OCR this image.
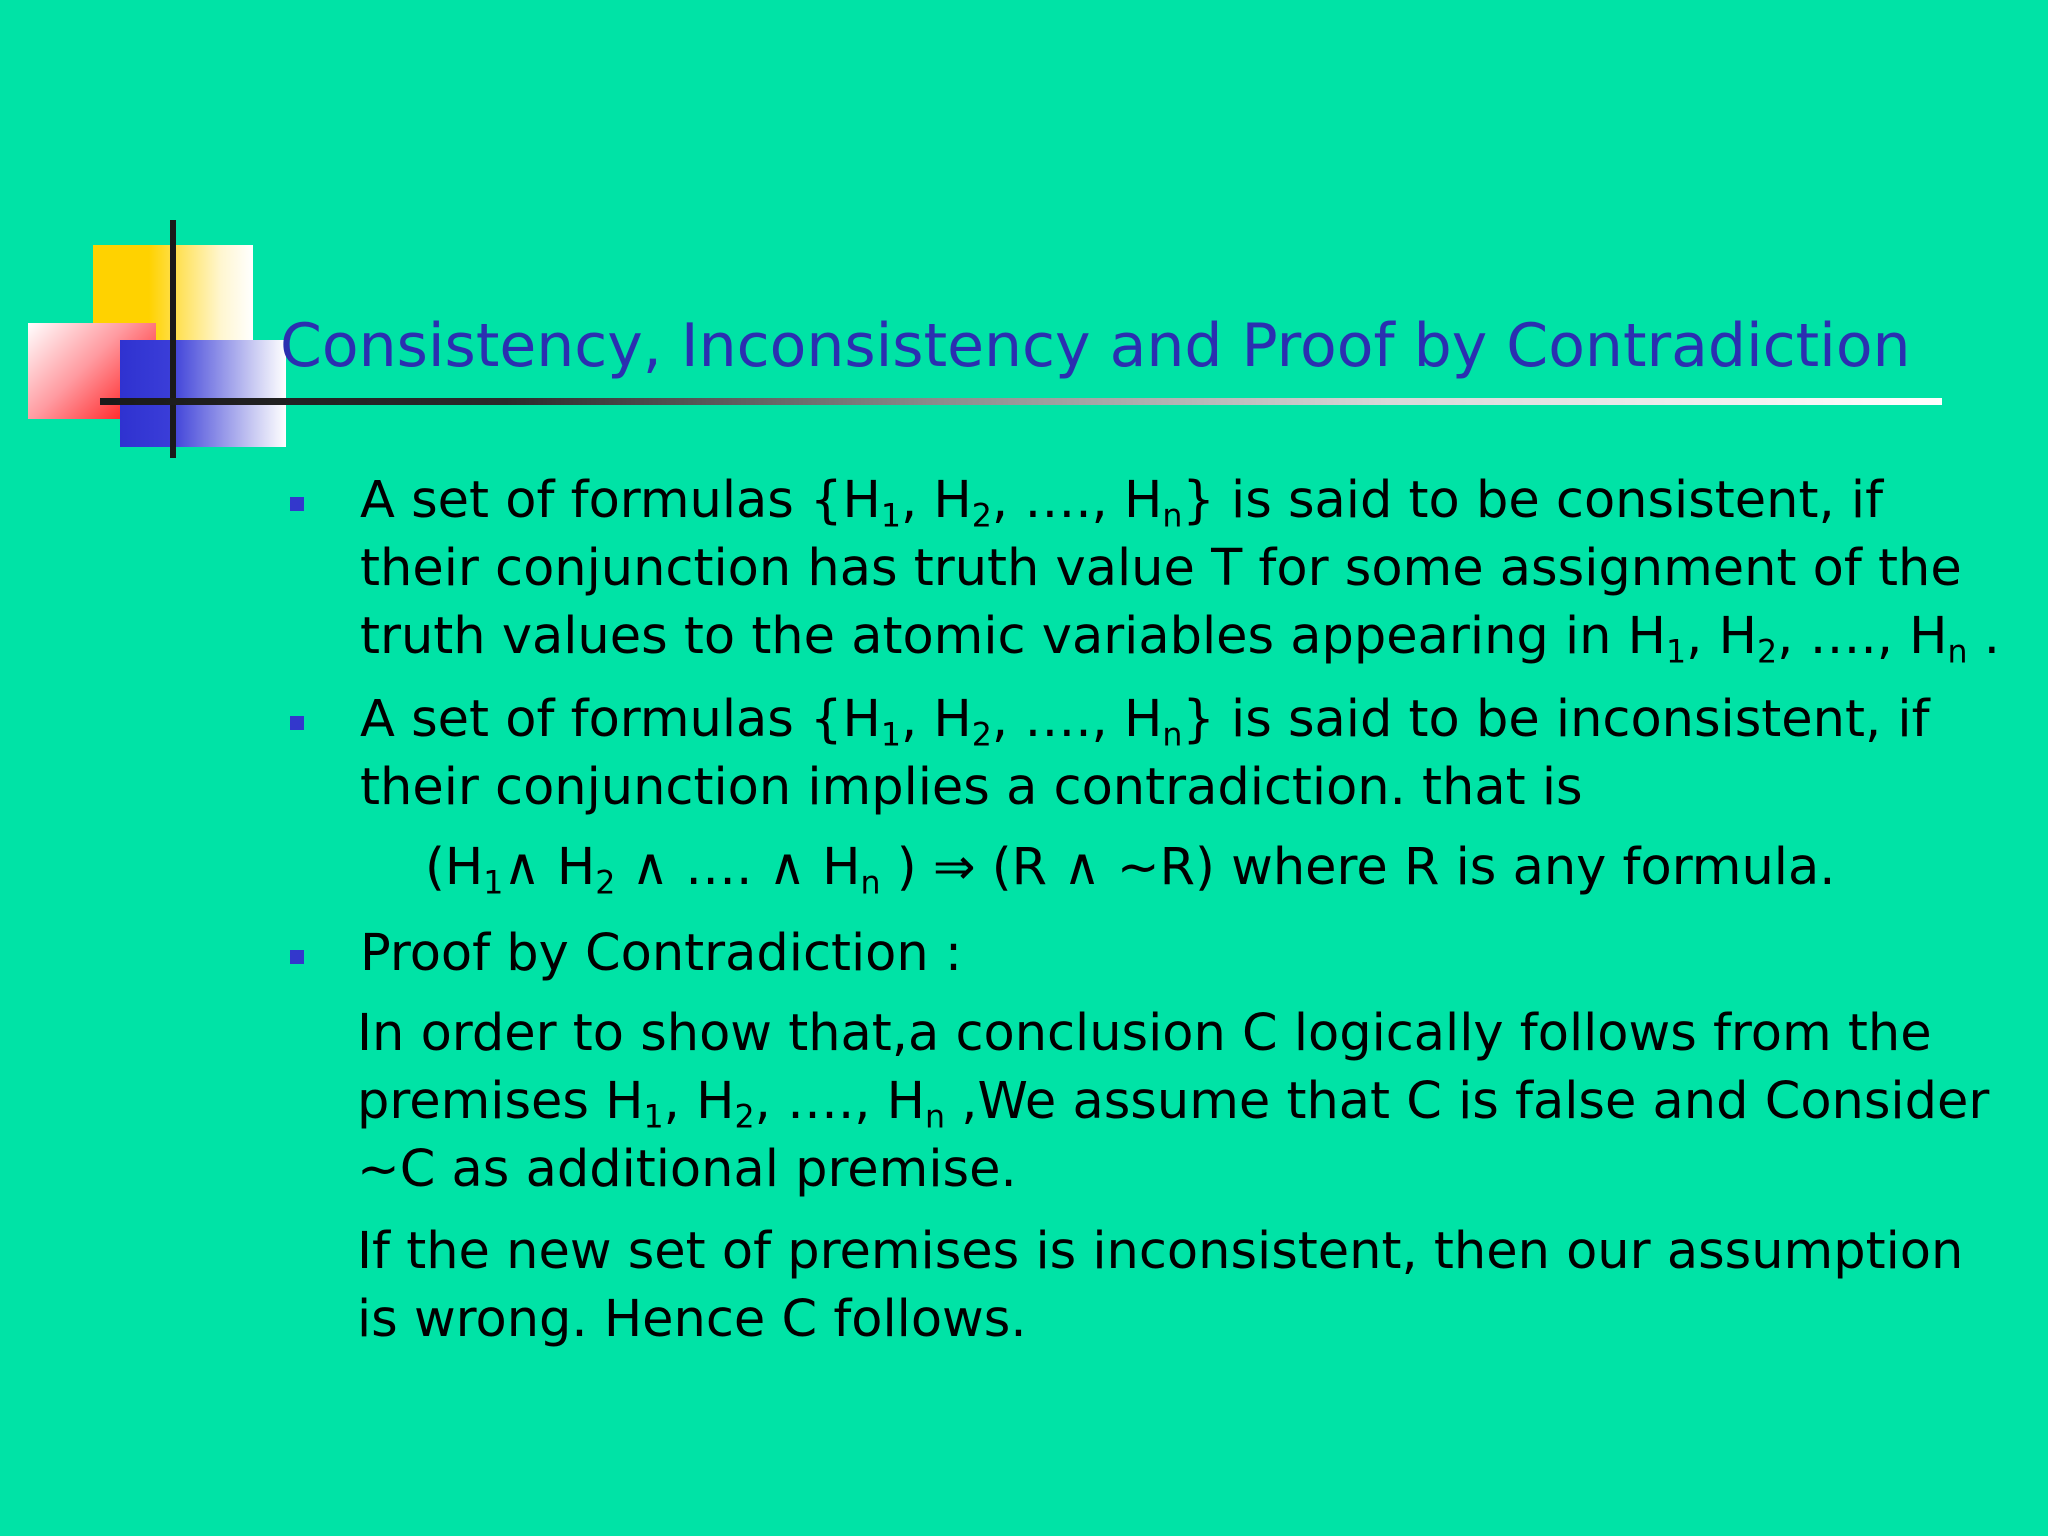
Consistency, Inconsistency and Proof by Contradiction
A set of formulas {$H_1$, $H_2$, …., $H_n$} is said to be consistent, if
their conjunction has truth value T for some assignment of the
truth values to the atomic variables appearing in $H_1$, $H_2$, …., $H_n$ .
A set of formulas {$H_1$, $H_2$, …., $H_n$} is said to be inconsistent, if
their conjunction implies a contradiction. that is
($H_1\wedge$ $H_2$ ∧ …. ∧ $H_n$ ) ⇒ (R ∧ ~R) where R is any formula.
Proof by Contradiction :
In order to show that,a conclusion C logically follows from the
premises $H_1$, $H_2$, …., $H_n$ ,We assume that C is false and Consider
~C as additional premise.
If the new set of premises is inconsistent, then our assumption
is wrong. Hence C follows.
